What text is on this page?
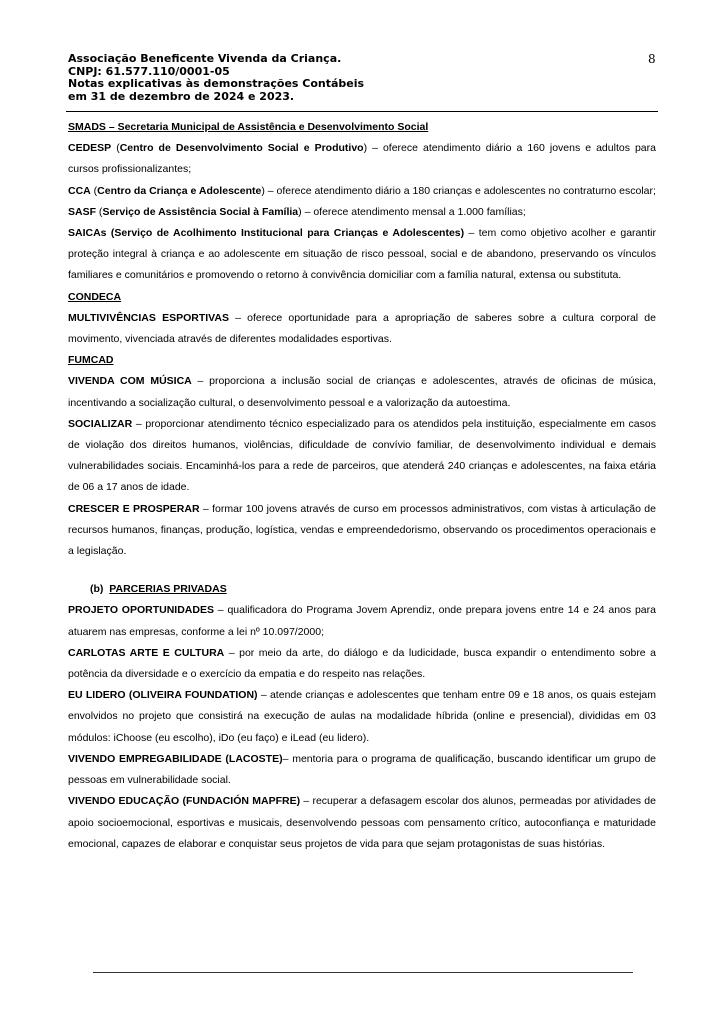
Associação Beneficente Vivenda da Criança.
CNPJ: 61.577.110/0001-05
Notas explicativas às demonstrações Contábeis
em 31 de dezembro de 2024 e 2023.
8

SMADS – Secretaria Municipal de Assistência e Desenvolvimento Social

CEDESP (Centro de Desenvolvimento Social e Produtivo) – oferece atendimento diário a 160 jovens e adultos para cursos profissionalizantes;

CCA (Centro da Criança e Adolescente) – oferece atendimento diário a 180 crianças e adolescentes no contraturno escolar;

SASF (Serviço de Assistência Social à Família) – oferece atendimento mensal a 1.000 famílias;

SAICAs (Serviço de Acolhimento Institucional para Crianças e Adolescentes) – tem como objetivo acolher e garantir proteção integral à criança e ao adolescente em situação de risco pessoal, social e de abandono, preservando os vínculos familiares e comunitários e promovendo o retorno à convivência domiciliar com a família natural, extensa ou substituta.

CONDECA

MULTIVIVÊNCIAS ESPORTIVAS – oferece oportunidade para a apropriação de saberes sobre a cultura corporal de movimento, vivenciada através de diferentes modalidades esportivas.

FUMCAD

VIVENDA COM MÚSICA – proporciona a inclusão social de crianças e adolescentes, através de oficinas de música, incentivando a socialização cultural, o desenvolvimento pessoal e a valorização da autoestima.

SOCIALIZAR – proporcionar atendimento técnico especializado para os atendidos pela instituição, especialmente em casos de violação dos direitos humanos, violências, dificuldade de convívio familiar, de desenvolvimento individual e demais vulnerabilidades sociais. Encaminhá-los para a rede de parceiros, que atenderá 240 crianças e adolescentes, na faixa etária de 06 a 17 anos de idade.

CRESCER E PROSPERAR – formar 100 jovens através de curso em processos administrativos, com vistas à articulação de recursos humanos, finanças, produção, logística, vendas e empreendedorismo, observando os procedimentos operacionais e a legislação.

(b) PARCERIAS PRIVADAS

PROJETO OPORTUNIDADES – qualificadora do Programa Jovem Aprendiz, onde prepara jovens entre 14 e 24 anos para atuarem nas empresas, conforme a lei nº 10.097/2000;

CARLOTAS ARTE E CULTURA – por meio da arte, do diálogo e da ludicidade, busca expandir o entendimento sobre a potência da diversidade e o exercício da empatia e do respeito nas relações.

EU LIDERO (OLIVEIRA FOUNDATION) – atende crianças e adolescentes que tenham entre 09 e 18 anos, os quais estejam envolvidos no projeto que consistirá na execução de aulas na modalidade híbrida (online e presencial), divididas em 03 módulos: iChoose (eu escolho), iDo (eu faço) e iLead (eu lidero).

VIVENDO EMPREGABILIDADE (LACOSTE)– mentoria para o programa de qualificação, buscando identificar um grupo de pessoas em vulnerabilidade social.

VIVENDO EDUCAÇÃO (FUNDACIÓN MAPFRE) – recuperar a defasagem escolar dos alunos, permeadas por atividades de apoio socioemocional, esportivas e musicais, desenvolvendo pessoas com pensamento crítico, autoconfiança e maturidade emocional, capazes de elaborar e conquistar seus projetos de vida para que sejam protagonistas de suas histórias.
